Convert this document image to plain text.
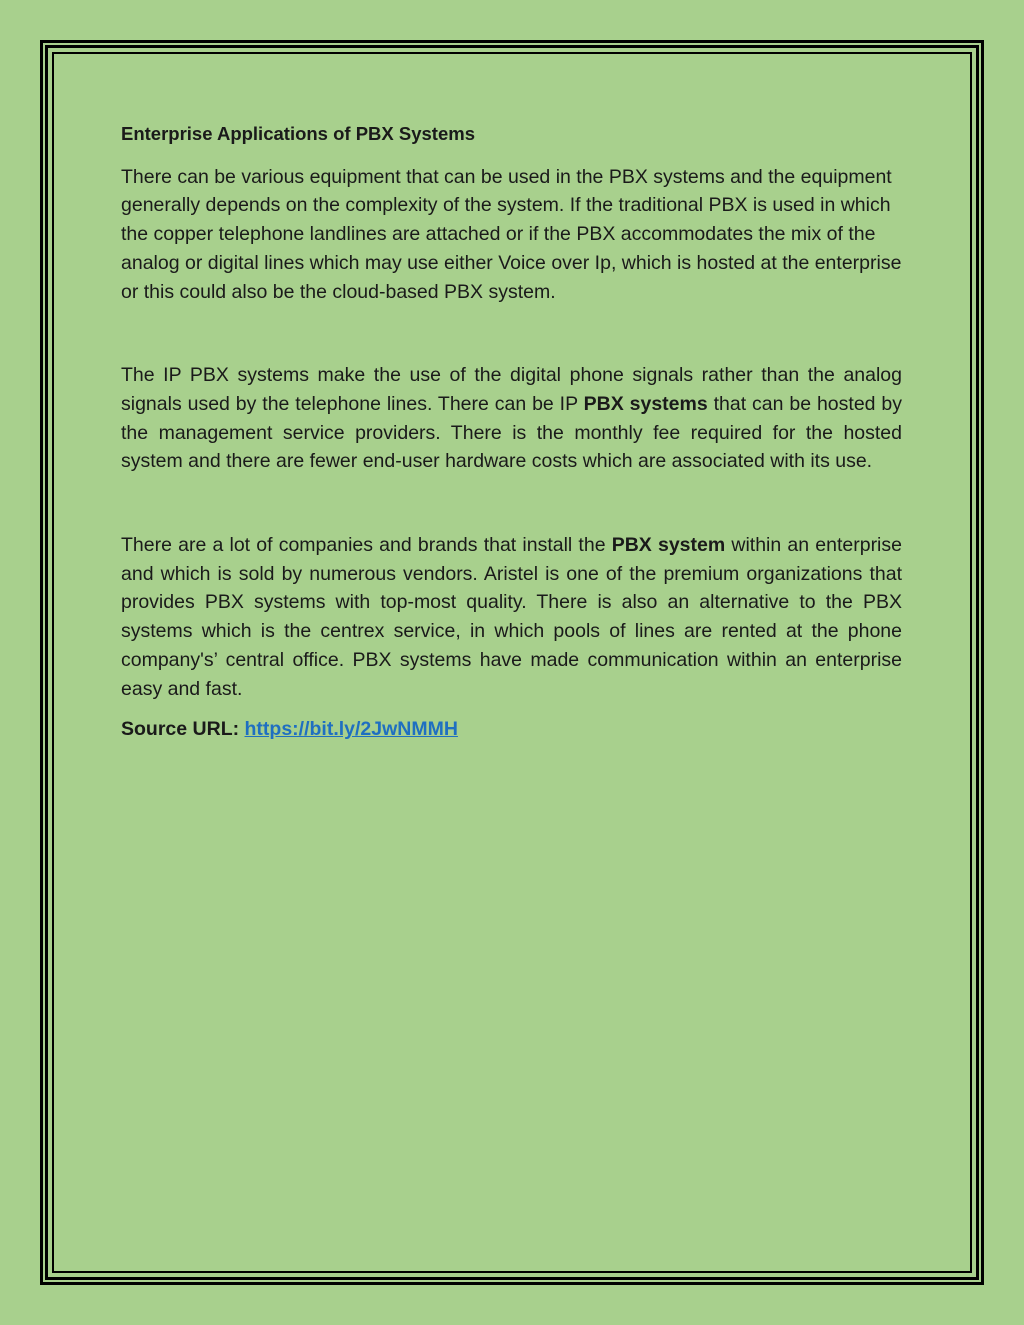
Enterprise Applications of PBX Systems

There can be various equipment that can be used in the PBX systems and the equipment generally depends on the complexity of the system. If the traditional PBX is used in which the copper telephone landlines are attached or if the PBX accommodates the mix of the analog or digital lines which may use either Voice over Ip, which is hosted at the enterprise or this could also be the cloud-based PBX system.

The IP PBX systems make the use of the digital phone signals rather than the analog signals used by the telephone lines. There can be IP PBX systems that can be hosted by the management service providers. There is the monthly fee required for the hosted system and there are fewer end-user hardware costs which are associated with its use.

There are a lot of companies and brands that install the PBX system within an enterprise and which is sold by numerous vendors. Aristel is one of the premium organizations that provides PBX systems with top-most quality. There is also an alternative to the PBX systems which is the centrex service, in which pools of lines are rented at the phone company's’ central office. PBX systems have made communication within an enterprise easy and fast.

Source URL: https://bit.ly/2JwNMMH
